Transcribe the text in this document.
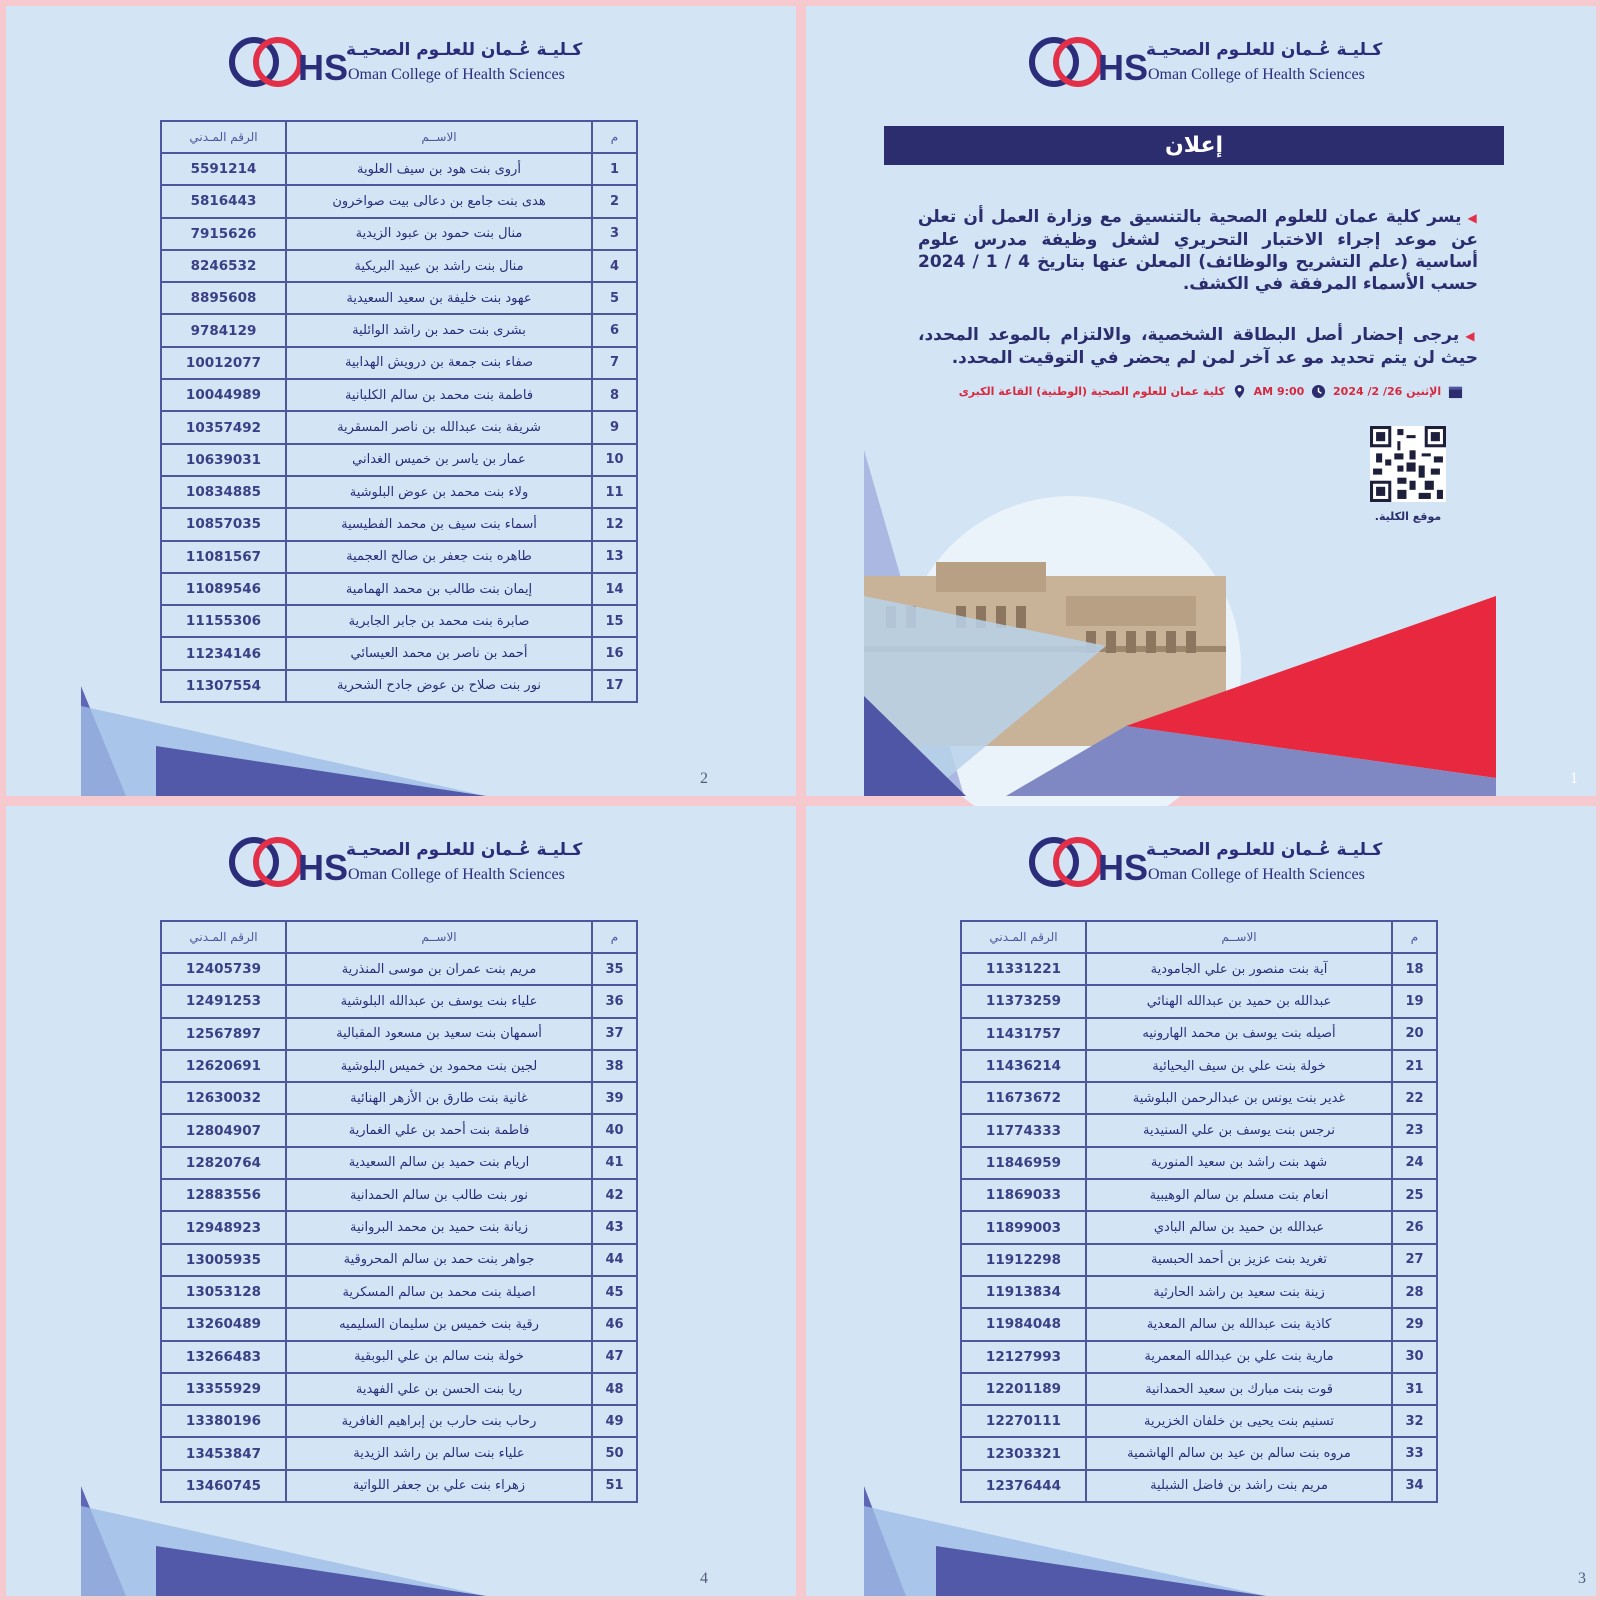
HS
كـليـة عُـمان للعلـوم الصحيـة
Oman College of Health Sciences
إعلان
◀يسر كلية عمان للعلوم الصحية بالتنسيق مع وزارة العمل أن تعلن عن موعد إجراء الاختبار التحريري لشغل وظيفة مدرس علوم أساسية (علم التشريح والوظائف) المعلن عنها بتاريخ 4 / 1 / 2024 حسب الأسماء المرفقة في الكشف.
◀يرجى إحضار أصل البطاقة الشخصية، والالتزام بالموعد المحدد، حيث لن يتم تحديد مو عد آخر لمن لم يحضر في التوقيت المحدد.
الإثنين 26/ 2/ 2024  9:00 AM  كلية عمان للعلوم الصحية (الوطنية) القاعة الكبرى
موقع الكلية.
1
HS
كـليـة عُـمان للعلـوم الصحيـة
Oman College of Health Sciences
م	الاســم	الرقم المـدني
1	أروى بنت هود بن سيف العلوية	5591214
2	هدى بنت جامع بن دعالى بيت صواخرون	5816443
3	منال بنت حمود بن عبود الزيدية	7915626
4	منال بنت راشد بن عبيد البريكية	8246532
5	عهود بنت خليفة بن سعيد السعيدية	8895608
6	بشرى بنت حمد بن راشد الوائلية	9784129
7	صفاء بنت جمعة بن درويش الهدابية	10012077
8	فاطمة بنت محمد بن سالم الكلبانية	10044989
9	شريفة بنت عبدالله بن ناصر المسقرية	10357492
10	عمار بن ياسر بن خميس الغداني	10639031
11	ولاء بنت محمد بن عوض البلوشية	10834885
12	أسماء بنت سيف بن محمد الفطيسية	10857035
13	طاهره بنت جعفر بن صالح العجمية	11081567
14	إيمان بنت طالب بن محمد الهمامية	11089546
15	صابرة بنت محمد بن جابر الجابرية	11155306
16	أحمد بن ناصر بن محمد العيسائي	11234146
17	نور بنت صلاح بن عوض جادح الشحرية	11307554
2
HS
كـليـة عُـمان للعلـوم الصحيـة
Oman College of Health Sciences
م	الاســم	الرقم المـدني
18	آية بنت منصور بن علي الجامودية	11331221
19	عبدالله بن حميد بن عبدالله الهنائي	11373259
20	أصيله بنت يوسف بن محمد الهارونيه	11431757
21	خولة بنت علي بن سيف اليحيائية	11436214
22	غدير بنت يونس بن عبدالرحمن البلوشية	11673672
23	نرجس بنت يوسف بن علي السنيدية	11774333
24	شهد بنت راشد بن سعيد المنورية	11846959
25	انعام بنت مسلم بن سالم الوهيبية	11869033
26	عبدالله بن حميد بن سالم البادي	11899003
27	تغريد بنت عزيز بن أحمد الحبسية	11912298
28	زينة بنت سعيد بن راشد الحارثية	11913834
29	كاذية بنت عبدالله بن سالم المعدية	11984048
30	مارية بنت علي بن عبدالله المعمرية	12127993
31	قوت بنت مبارك بن سعيد الحمدانية	12201189
32	تسنيم بنت يحيى بن خلفان الخزيرية	12270111
33	مروه بنت سالم بن عيد بن سالم الهاشمية	12303321
34	مريم بنت راشد بن فاضل الشبلية	12376444
3
HS
كـليـة عُـمان للعلـوم الصحيـة
Oman College of Health Sciences
م	الاســم	الرقم المـدني
35	مريم بنت عمران بن موسى المنذرية	12405739
36	علياء بنت يوسف بن عبدالله البلوشية	12491253
37	أسمهان بنت سعيد بن مسعود المقبالية	12567897
38	لجين بنت محمود بن خميس البلوشية	12620691
39	غانية بنت طارق بن الأزهر الهنائية	12630032
40	فاطمة بنت أحمد بن علي الغمارية	12804907
41	اريام بنت حميد بن سالم السعيدية	12820764
42	نور بنت طالب بن سالم الحمدانية	12883556
43	زيانة بنت حميد بن محمد البروانية	12948923
44	جواهر بنت حمد بن سالم المحروقية	13005935
45	اصيلة بنت محمد بن سالم المسكرية	13053128
46	رقية بنت خميس بن سليمان السليميه	13260489
47	خولة بنت سالم بن علي البوبقية	13266483
48	ريا بنت الحسن بن علي الفهدية	13355929
49	رحاب بنت حارب بن إبراهيم الغافرية	13380196
50	علياء بنت سالم بن راشد الزيدية	13453847
51	زهراء بنت علي بن جعفر اللواتية	13460745
4
